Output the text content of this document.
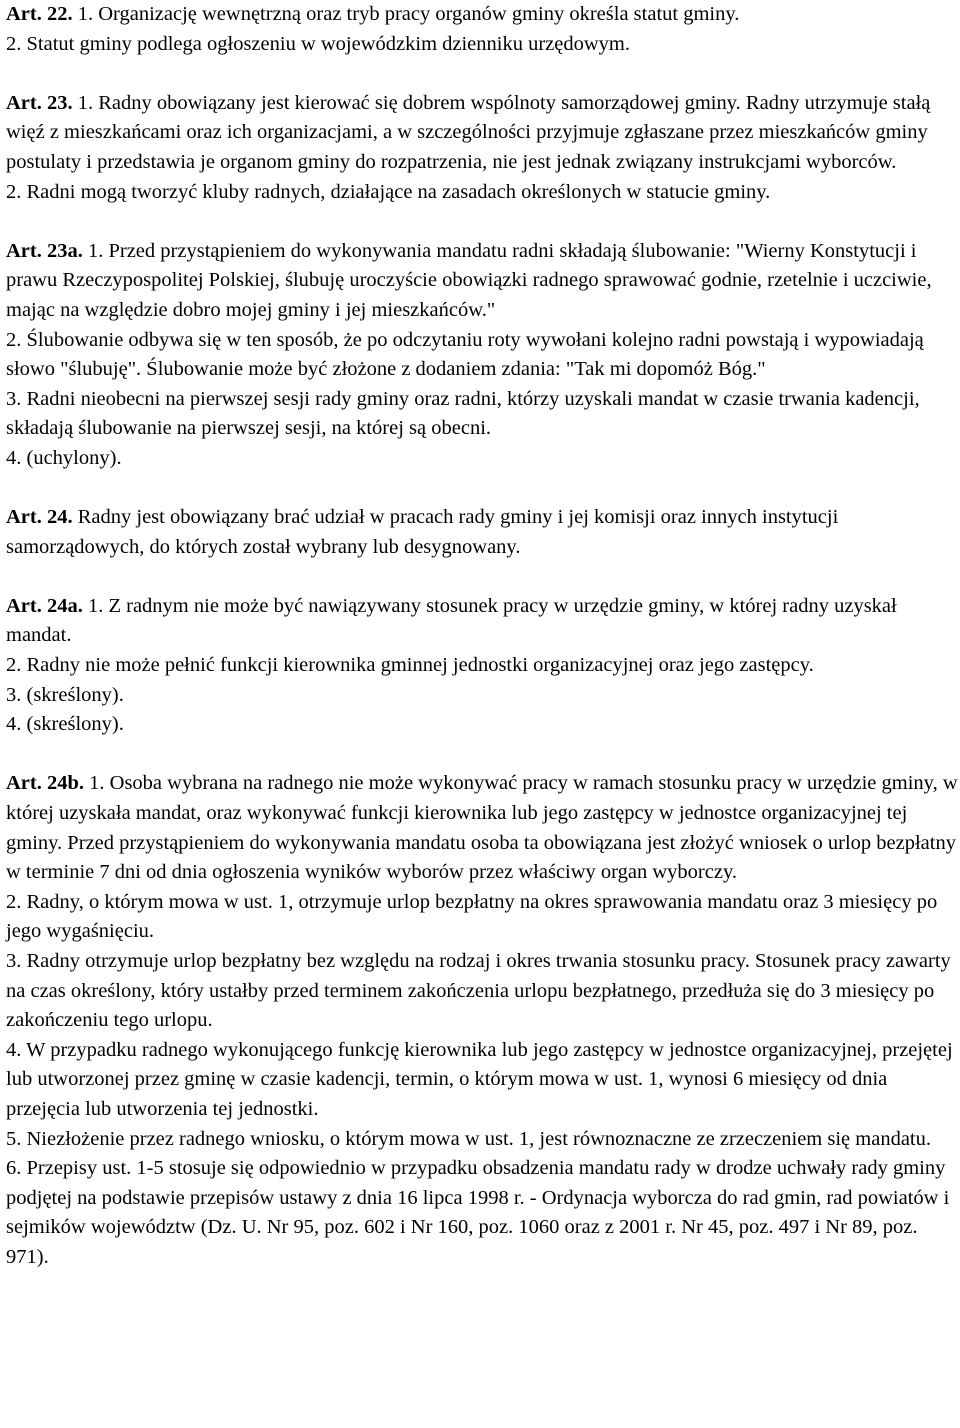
Art. 22. 1. Organizację wewnętrzną oraz tryb pracy organów gminy określa statut gminy.

2. Statut gminy podlega ogłoszeniu w wojewódzkim dzienniku urzędowym.

Art. 23. 1. Radny obowiązany jest kierować się dobrem wspólnoty samorządowej gminy. Radny utrzymuje stałą więź z mieszkańcami oraz ich organizacjami, a w szczególności przyjmuje zgłaszane przez mieszkańców gminy postulaty i przedstawia je organom gminy do rozpatrzenia, nie jest jednak związany instrukcjami wyborców.

2. Radni mogą tworzyć kluby radnych, działające na zasadach określonych w statucie gminy.

Art. 23a. 1. Przed przystąpieniem do wykonywania mandatu radni składają ślubowanie: "Wierny Konstytucji i prawu Rzeczypospolitej Polskiej, ślubuję uroczyście obowiązki radnego sprawować godnie, rzetelnie i uczciwie, mając na względzie dobro mojej gminy i jej mieszkańców."

2. Ślubowanie odbywa się w ten sposób, że po odczytaniu roty wywołani kolejno radni powstają i wypowiadają słowo "ślubuję". Ślubowanie może być złożone z dodaniem zdania: "Tak mi dopomóż Bóg."

3. Radni nieobecni na pierwszej sesji rady gminy oraz radni, którzy uzyskali mandat w czasie trwania kadencji, składają ślubowanie na pierwszej sesji, na której są obecni.

4. (uchylony).

Art. 24. Radny jest obowiązany brać udział w pracach rady gminy i jej komisji oraz innych instytucji samorządowych, do których został wybrany lub desygnowany.

Art. 24a. 1. Z radnym nie może być nawiązywany stosunek pracy w urzędzie gminy, w której radny uzyskał mandat.

2. Radny nie może pełnić funkcji kierownika gminnej jednostki organizacyjnej oraz jego zastępcy.

3. (skreślony).

4. (skreślony).

Art. 24b. 1. Osoba wybrana na radnego nie może wykonywać pracy w ramach stosunku pracy w urzędzie gminy, w której uzyskała mandat, oraz wykonywać funkcji kierownika lub jego zastępcy w jednostce organizacyjnej tej gminy. Przed przystąpieniem do wykonywania mandatu osoba ta obowiązana jest złożyć wniosek o urlop bezpłatny w terminie 7 dni od dnia ogłoszenia wyników wyborów przez właściwy organ wyborczy.

2. Radny, o którym mowa w ust. 1, otrzymuje urlop bezpłatny na okres sprawowania mandatu oraz 3 miesięcy po jego wygaśnięciu.

3. Radny otrzymuje urlop bezpłatny bez względu na rodzaj i okres trwania stosunku pracy. Stosunek pracy zawarty na czas określony, który ustałby przed terminem zakończenia urlopu bezpłatnego, przedłuża się do 3 miesięcy po zakończeniu tego urlopu.

4. W przypadku radnego wykonującego funkcję kierownika lub jego zastępcy w jednostce organizacyjnej, przejętej lub utworzonej przez gminę w czasie kadencji, termin, o którym mowa w ust. 1, wynosi 6 miesięcy od dnia przejęcia lub utworzenia tej jednostki.

5. Niezłożenie przez radnego wniosku, o którym mowa w ust. 1, jest równoznaczne ze zrzeczeniem się mandatu.

6. Przepisy ust. 1-5 stosuje się odpowiednio w przypadku obsadzenia mandatu rady w drodze uchwały rady gminy podjętej na podstawie przepisów ustawy z dnia 16 lipca 1998 r. - Ordynacja wyborcza do rad gmin, rad powiatów i sejmików województw (Dz. U. Nr 95, poz. 602 i Nr 160, poz. 1060 oraz z 2001 r. Nr 45, poz. 497 i Nr 89, poz. 971).
